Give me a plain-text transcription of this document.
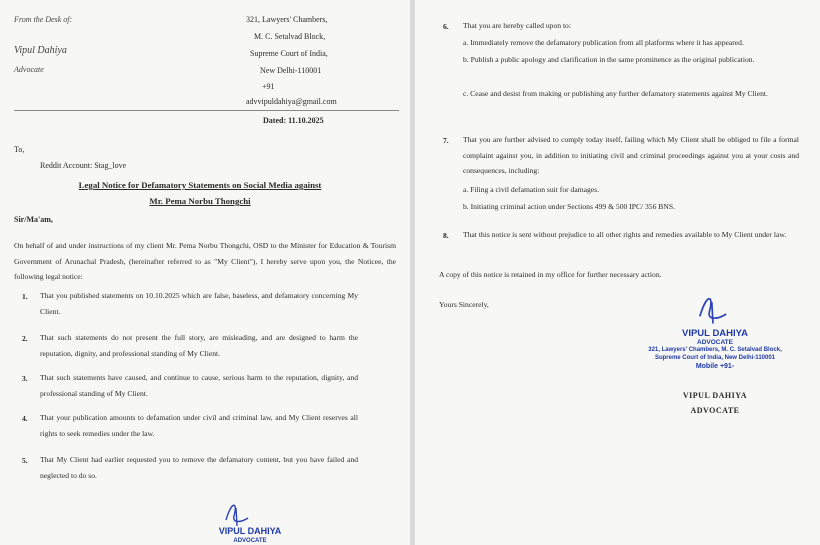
From the Desk of:
Vipul Dahiya
Advocate
321, Lawyers' Chambers,
M. C. Setalvad Block,
Supreme Court of India,
New Delhi-110001
+91
advvipuldahiya@gmail.com
Dated: 11.10.2025
To,
Reddit Account: Stag_love
Legal Notice for Defamatory Statements on Social Media against
Mr. Pema Norbu Thongchi
Sir/Ma'am,
On behalf of and under instructions of my client Mr. Pema Norbu Thongchi, OSD to the Minister for Education & Tourism Government of Arunachal Pradesh, (hereinafter referred to as "My Client"), I hereby serve upon you, the Noticee, the following legal notice:
1. That you published statements on 10.10.2025 which are false, baseless, and defamatory concerning My Client.
2. That such statements do not present the full story, are misleading, and are designed to harm the reputation, dignity, and professional standing of My Client.
3. That such statements have caused, and continue to cause, serious harm to the reputation, dignity, and professional standing of My Client.
4. That your publication amounts to defamation under civil and criminal law, and My Client reserves all rights to seek remedies under the law.
5. That My Client had earlier requested you to remove the defamatory content, but you have failed and neglected to do so.
VIPUL DAHIYA
ADVOCATE
6. That you are hereby called upon to:
a. Immediately remove the defamatory publication from all platforms where it has appeared.
b. Publish a public apology and clarification in the same prominence as the original publication.
c. Cease and desist from making or publishing any further defamatory statements against My Client.
7. That you are further advised to comply today itself, failing which My Client shall be obliged to file a formal complaint against you, in addition to initiating civil and criminal proceedings against you at your costs and consequences, including:
a. Filing a civil defamation suit for damages.
b. Initiating criminal action under Sections 499 & 500 IPC/ 356 BNS.
8. That this notice is sent without prejudice to all other rights and remedies available to My Client under law.
A copy of this notice is retained in my office for further necessary action.
Yours Sincerely,
VIPUL DAHIYA
ADVOCATE
321, Lawyers' Chambers, M. C. Setalvad Block,
Supreme Court of India, New Delhi-110001
Mobile +91-
VIPUL DAHIYA
ADVOCATE
